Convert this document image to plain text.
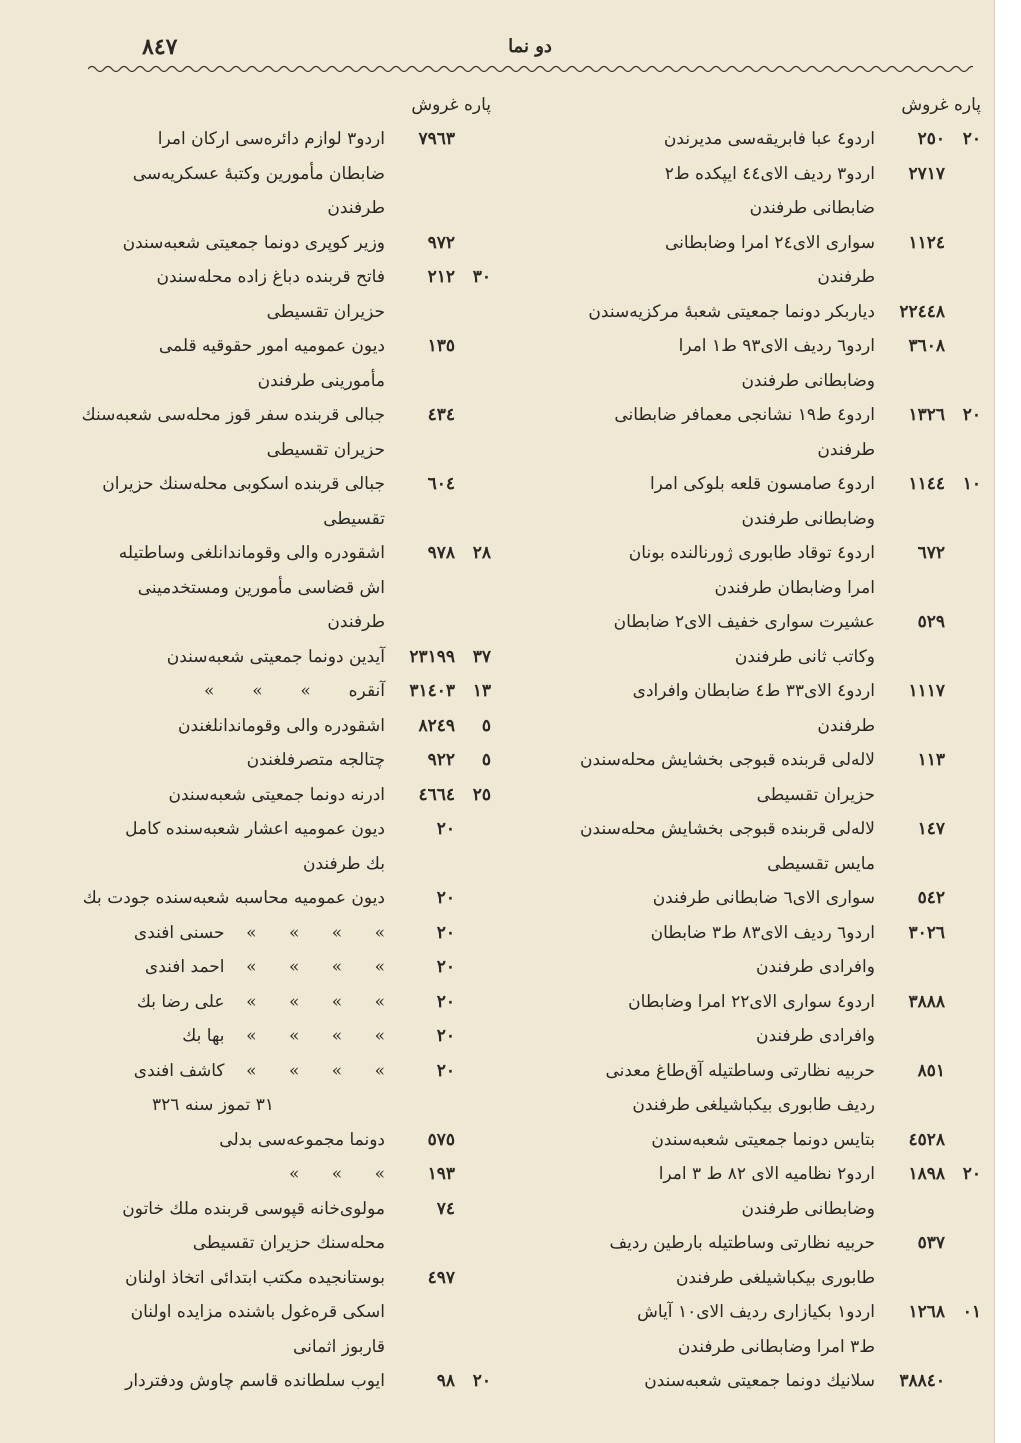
٨٤٧	دو نما
پاره غروش
٢٠
٢٥٠
اردو٤ عبا فابریقه‌سی مدیرندن
٢٧١٧
اردو٣ ردیف الای٤٤ ایپکده ط٢
ضابطانی طرفندن
١١٢٤
سواری الای٢٤ امرا وضابطانی
طرفندن
٢٢٤٤٨
دیاربکر دونما جمعیتی شعبهٔ مرکزیه‌سندن
٣٦٠٨
اردو٦ ردیف الای٩٣ ط١ امرا
وضابطانی طرفندن
٢٠
١٣٢٦
اردو٤ ط١٩ نشانجی معمافر ضابطانی
طرفندن
١٠
١١٤٤
اردو٤ صامسون قلعه بلوکی امرا
وضابطانی طرفندن
٦٧٢
اردو٤ توقاد طابوری ژورنالنده بونان
امرا وضابطان طرفندن
٥٢٩
عشیرت سواری خفیف الای٢ ضابطان
وکاتب ثانی طرفندن
١١١٧
اردو٤ الای٣٣ ط٤ ضابطان وافرادی
طرفندن
١١٣
لاله‌لی قربنده قبوجی بخشایش محله‌سندن
حزیران تقسیطی
١٤٧
لاله‌لی قربنده قبوجی بخشایش محله‌سندن
مایس تقسیطی
٥٤٢
سواری الای٦ ضابطانی طرفندن
٣٠٢٦
اردو٦ ردیف الای٨٣ ط٣ ضابطان
وافرادی طرفندن
٣٨٨٨
اردو٤ سواری الای٢٢ امرا وضابطان
وافرادی طرفندن
٨٥١
حربیه نظارتی وساطتیله آق‌طاغ معدنی
ردیف طابوری بیکباشیلغی طرفندن
٤٥٢٨
بتایس دونما جمعیتی شعبه‌سندن
٢٠
١٨٩٨
اردو٢ نظامیه الای ٨٢ ط ٣ امرا
وضابطانی طرفندن
٥٣٧
حربیه نظارتی وساطتیله بارطین ردیف
طابوری بیکباشیلغی طرفندن
٠١
١٢٦٨
اردو١ بکیازاری ردیف الای١٠ آیاش
ط٣ امرا وضابطانی طرفندن
٣٨٨٤٠
سلانیك دونما جمعیتی شعبه‌سندن
پاره غروش
٧٩٦٣
اردو٣ لوازم دائره‌سی ارکان امرا
ضابطان مأمورین وکتبهٔ عسکریه‌سی
طرفندن
٩٧٢
وزیر کوپری دونما جمعیتی شعبه‌سندن
٣٠
٢١٢
فاتح قربنده دباغ زاده محله‌سندن
حزیران تقسیطی
١٣٥
دیون عمومیه امور حقوقیه قلمی
مأمورینی طرفندن
٤٣٤
جبالی قربنده سفر قوز محله‌سی شعبه‌سنك
حزیران تقسیطی
٦٠٤
جبالی قربنده اسکوبی محله‌سنك حزیران
تقسیطی
٢٨
٩٧٨
اشقودره والی وقوماندانلغی وساطتیله
اش قضاسی مأمورین ومستخدمینی
طرفندن
٣٧
٢٣١٩٩
آیدین دونما جمعیتی شعبه‌سندن
١٣
٣١٤٠٣
آنقره       »       »       »
٥
٨٢٤٩
اشقودره والی وقوماندانلغندن
٥
٩٢٢
چتالجه متصرفلغندن
٢٥
٤٦٦٤
ادرنه دونما جمعیتی شعبه‌سندن
٢٠
دیون عمومیه اعشار شعبه‌سنده کامل
بك طرفندن
٢٠
دیون عمومیه محاسبه شعبه‌سنده جودت بك
٢٠
»      »      »      »    حسنی افندی
٢٠
»      »      »      »    احمد افندی
٢٠
»      »      »      »    علی رضا بك
٢٠
»      »      »      »    بها بك
٢٠
»      »      »      »    کاشف افندی
٣١ تموز سنه ٣٢٦
٥٧٥
دونما مجموعه‌سی بدلی
١٩٣
»      »      »
٧٤
مولوی‌خانه قپوسی قربنده ملك خاتون
محله‌سنك حزیران تقسیطی
٤٩٧
بوستانجیده مکتب ابتدائی اتخاذ اولنان
اسکی قره‌غول باشنده مزایده اولنان
قاربوز اثمانی
٢٠
٩٨
ایوب سلطانده قاسم چاوش ودفتردار
